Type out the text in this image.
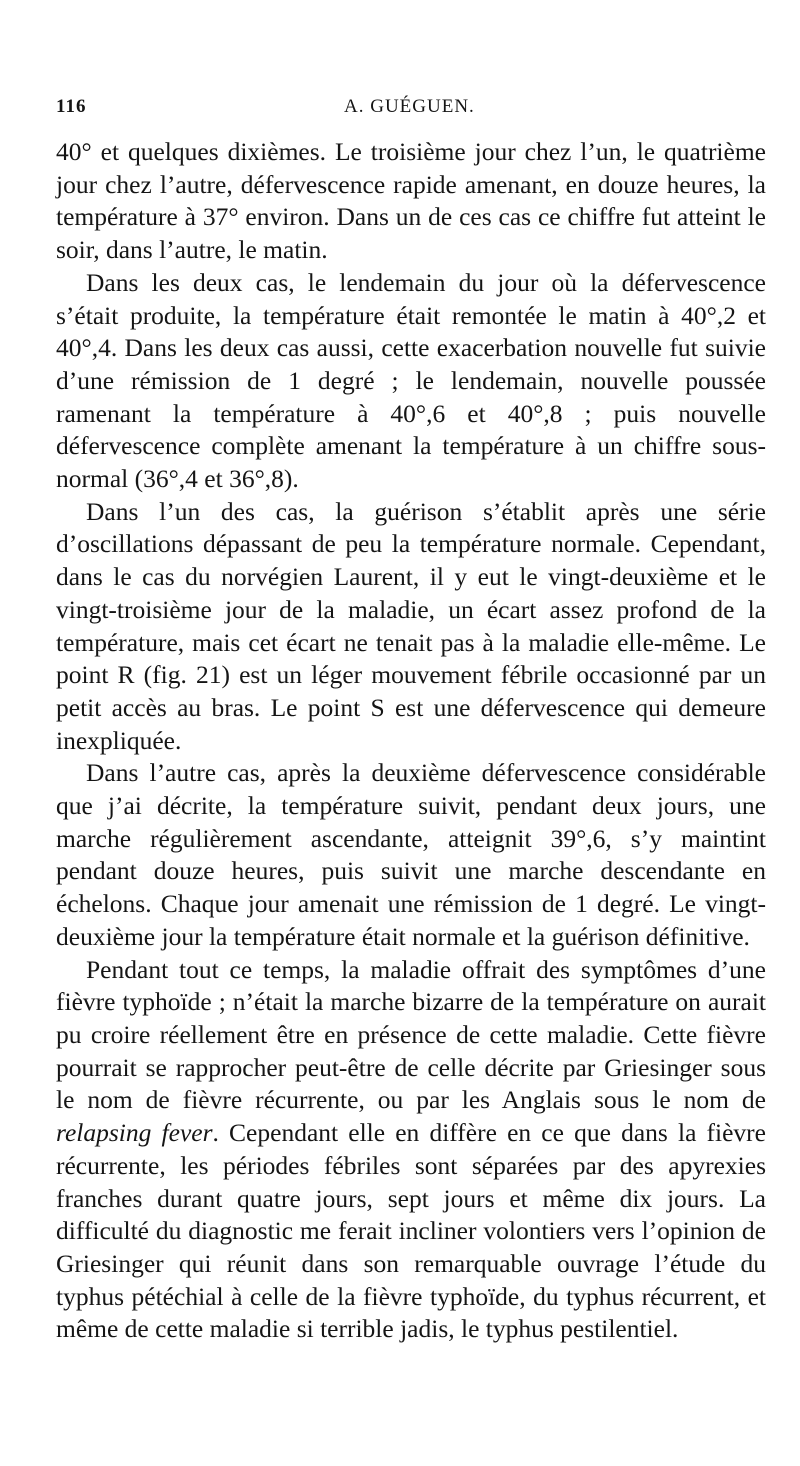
116	A. GUÉGUEN.

40° et quelques dixièmes. Le troisième jour chez l’un, le quatrième jour chez l’autre, défervescence rapide amenant, en douze heures, la température à 37° environ. Dans un de ces cas ce chiffre fut atteint le soir, dans l’autre, le matin.

Dans les deux cas, le lendemain du jour où la défervescence s’était produite, la température était remontée le matin à 40°,2 et 40°,4. Dans les deux cas aussi, cette exacerbation nouvelle fut suivie d’une rémission de 1 degré ; le lendemain, nouvelle poussée ramenant la température à 40°,6 et 40°,8 ; puis nouvelle défervescence complète amenant la température à un chiffre sous-normal (36°,4 et 36°,8).

Dans l’un des cas, la guérison s’établit après une série d’oscillations dépassant de peu la température normale. Cependant, dans le cas du norvégien Laurent, il y eut le vingt-deuxième et le vingt-troisième jour de la maladie, un écart assez profond de la température, mais cet écart ne tenait pas à la maladie elle-même. Le point R (fig. 21) est un léger mouvement fébrile occasionné par un petit accès au bras. Le point S est une défervescence qui demeure inexpliquée.

Dans l’autre cas, après la deuxième défervescence considérable que j’ai décrite, la température suivit, pendant deux jours, une marche régulièrement ascendante, atteignit 39°,6, s’y maintint pendant douze heures, puis suivit une marche descendante en échelons. Chaque jour amenait une rémission de 1 degré. Le vingt-deuxième jour la température était normale et la guérison définitive.

Pendant tout ce temps, la maladie offrait des symptômes d’une fièvre typhoïde ; n’était la marche bizarre de la température on aurait pu croire réellement être en présence de cette maladie. Cette fièvre pourrait se rapprocher peut-être de celle décrite par Griesinger sous le nom de fièvre récurrente, ou par les Anglais sous le nom de relapsing fever. Cependant elle en diffère en ce que dans la fièvre récurrente, les périodes fébriles sont séparées par des apyrexies franches durant quatre jours, sept jours et même dix jours. La difficulté du diagnostic me ferait incliner volontiers vers l’opinion de Griesinger qui réunit dans son remarquable ouvrage l’étude du typhus pétéchial à celle de la fièvre typhoïde, du typhus récurrent, et même de cette maladie si terrible jadis, le typhus pestilentiel.
